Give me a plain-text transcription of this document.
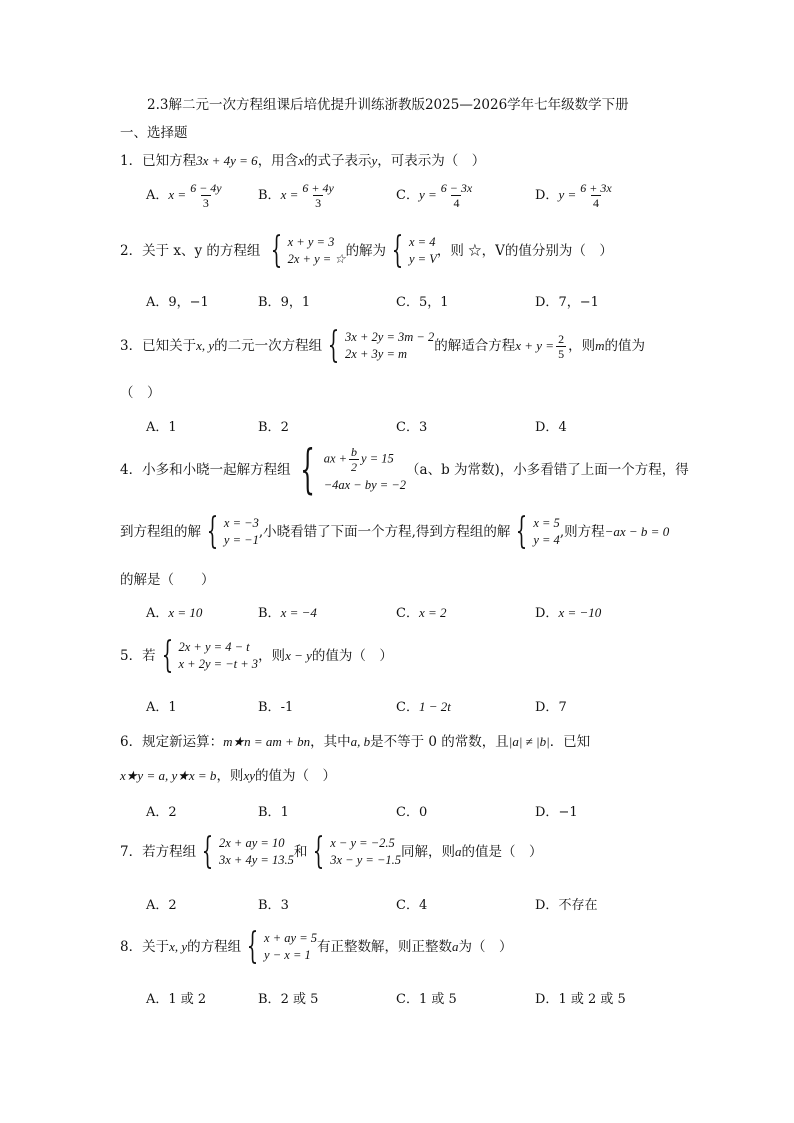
2.3解二元一次方程组课后培优提升训练浙教版2025—2026学年七年级数学下册
一、选择题
1．已知方程3x + 4y = 6，用含x的式子表示y，可表示为（　）
A．$x = \frac{6 - 4y}{3}$	B．$x = \frac{6 + 4y}{3}$	C．$y = \frac{6 - 3x}{4}$	D．$y = \frac{6 + 3x}{4}$
2．关于 x、y 的方程组 { x + y = 3
2x + y = ☆ 的解为 { x = 4
y = V ，则 ☆，V的值分别为（　）
A．9，−1	B．9，1	C．5，1	D．7，−1
3．已知关于x, y的二元一次方程组 { 3x + 2y = 3m − 2
2x + 3y = m	的解适合方程$x + y = \frac{2}{5}$ ，则m的值为
（　）
A．1	B．2	C．3	D．4
4．小多和小晓一起解方程组 { ax + $\frac{b}{2}$ y = 15
−4ax − by = −2
（a、b 为常数)，小多看错了上面一个方程，得
到方程组的解 { x = −3
y = −1 ,小晓看错了下面一个方程,得到方程组的解 { x = 5
y = 4 ,则方程−ax − b = 0
的解是（　　）
A．x = 10	B．x = −4	C．x = 2	D．x = −10
5．若 { 2x + y = 4 − t
x + 2y = −t + 3 ，则x − y的值为（　）
A．1	B．-1	C．1 − 2t	D．7
6．规定新运算：m★n = am + bn，其中a, b是不等于 0 的常数，且|a| ≠ |b|．已知
x★y = a, y★x = b，则xy的值为（　）
A．2	B．1	C．0	D．−1
7．若方程组 { 2x + ay = 10
3x + 4y = 13.5 和 { x − y = −2.5
3x − y = −1.5 同解，则a的值是（　）
A．2	B．3	C．4	D．不存在
8．关于x, y的方程组 { x + ay = 5
y − x = 1 有正整数解，则正整数a为（　）
A．1 或 2	B．2 或 5	C．1 或 5	D．1 或 2 或 5
